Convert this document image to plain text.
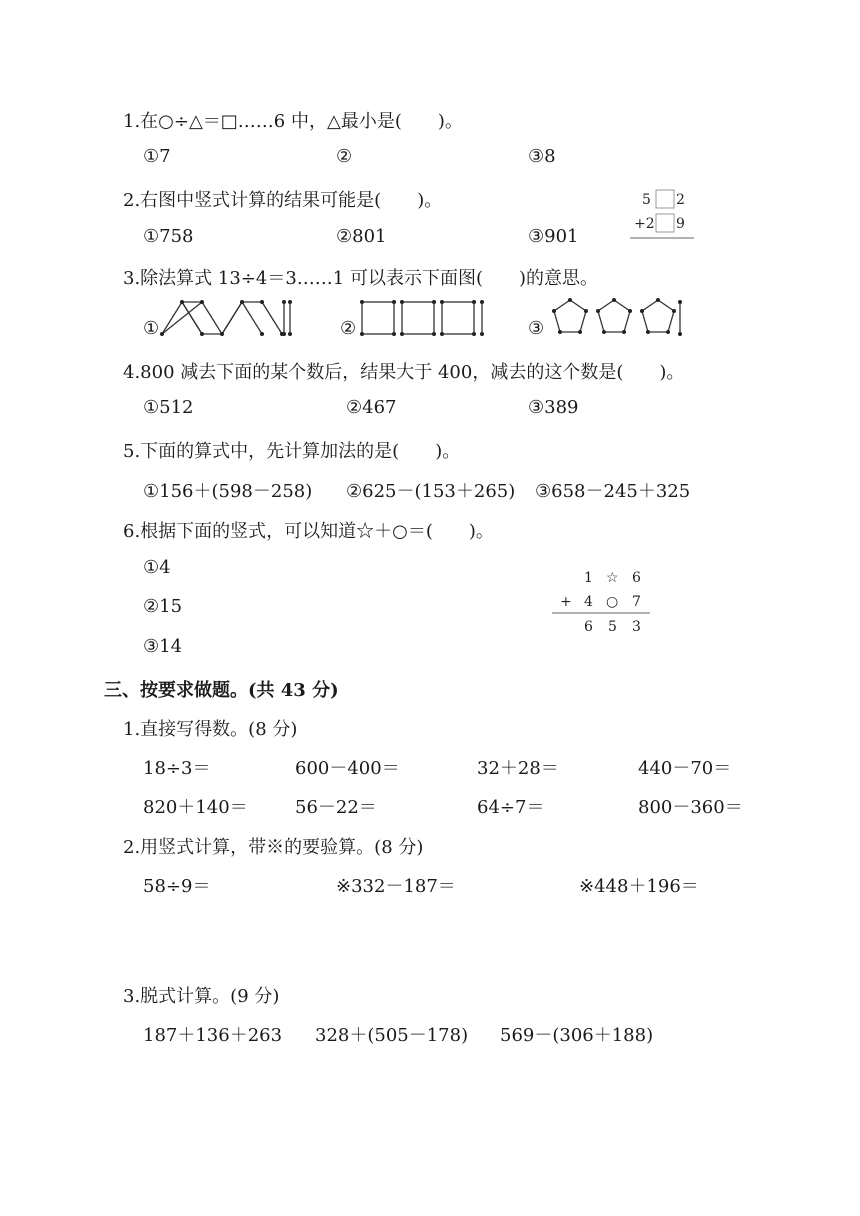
1.在○÷△＝□……6 中，△最小是(　　)。
①7	②	③8
2.右图中竖式计算的结果可能是(　　)。
①758	②801	③901
5 2
+2 9
3.除法算式 13÷4＝3……1 可以表示下面图(　　)的意思。
①	②	③
4.800 减去下面的某个数后，结果大于 400，减去的这个数是(　　)。
①512	②467	③389
5.下面的算式中，先计算加法的是(　　)。
①156＋(598－258) ②625－(153＋265) ③658－245＋325
6.根据下面的竖式，可以知道☆＋○＝(　　)。
①4
②15
③14
1 ☆ 6
+ 4 ○ 7
6 5 3
三、按要求做题。(共 43 分)
1.直接写得数。(8 分)
18÷3＝	600－400＝	32＋28＝	440－70＝
820＋140＝	56－22＝	64÷7＝	800－360＝
2.用竖式计算，带※的要验算。(8 分)
58÷9＝	※332－187＝	※448＋196＝
3.脱式计算。(9 分)
187＋136＋263 328＋(505－178) 569－(306＋188)
